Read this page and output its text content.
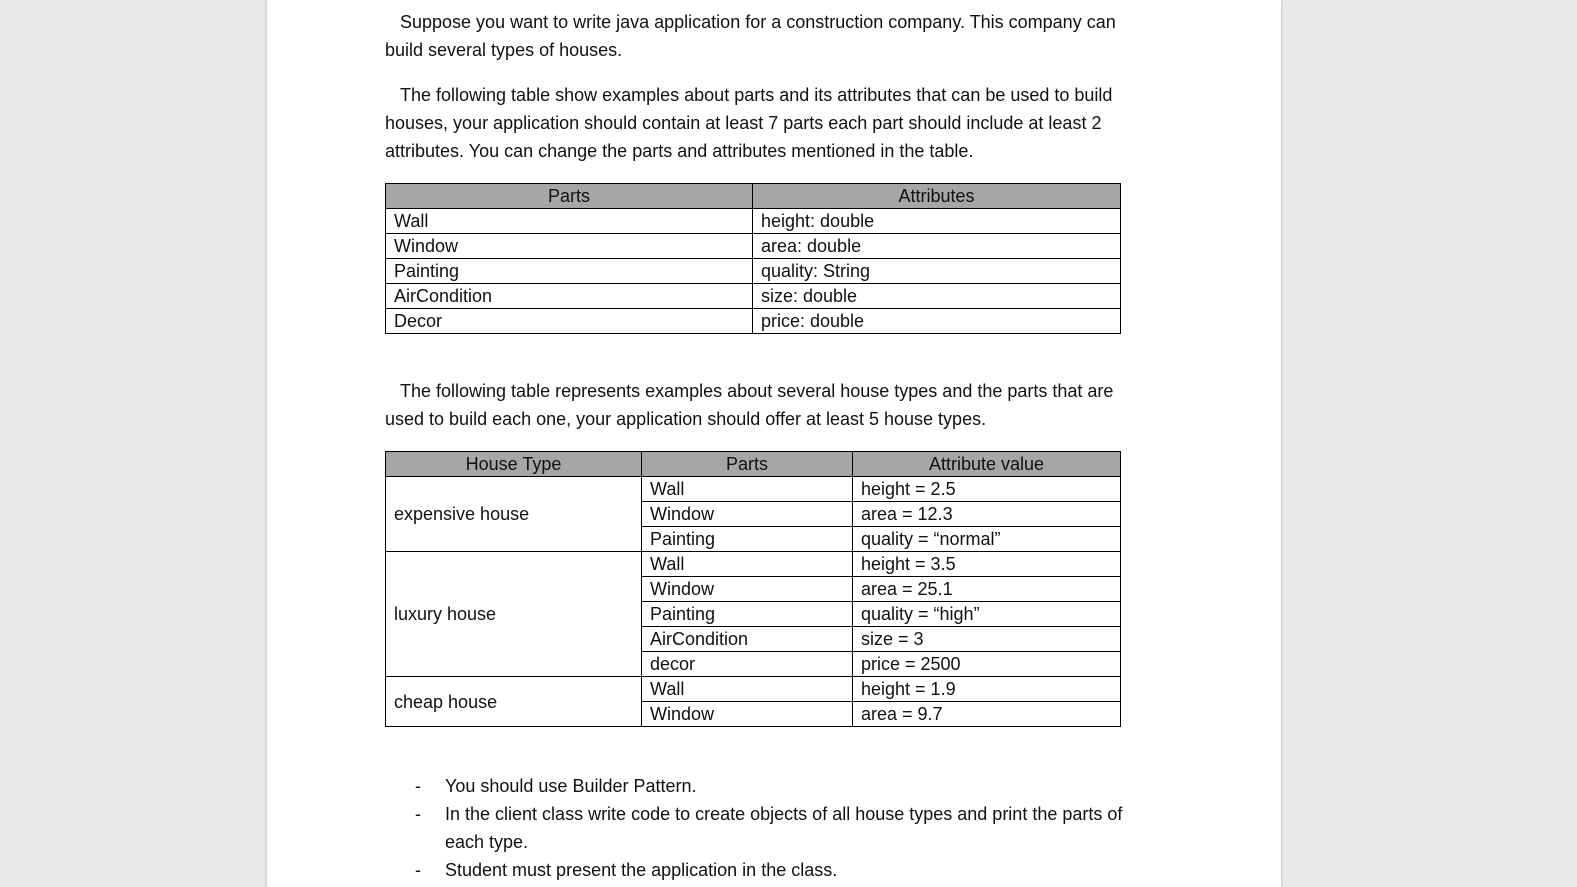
Suppose you want to write java application for a construction company. This company can build several types of houses.

The following table show examples about parts and its attributes that can be used to build houses, your application should contain at least 7 parts each part should include at least 2 attributes. You can change the parts and attributes mentioned in the table.

Parts	Attributes
Wall	height: double
Window	area: double
Painting	quality: String
AirCondition	size: double
Decor	price: double

The following table represents examples about several house types and the parts that are used to build each one, your application should offer at least 5 house types.

House Type	Parts	Attribute value
expensive house	Wall	height = 2.5
	Window	area = 12.3
	Painting	quality = “normal”
luxury house	Wall	height = 3.5
	Window	area = 25.1
	Painting	quality = “high”
	AirCondition	size = 3
	decor	price = 2500
cheap house	Wall	height = 1.9
	Window	area = 9.7
- You should use Builder Pattern.
- In the client class write code to create objects of all house types and print the parts of each type.
- Student must present the application in the class.
